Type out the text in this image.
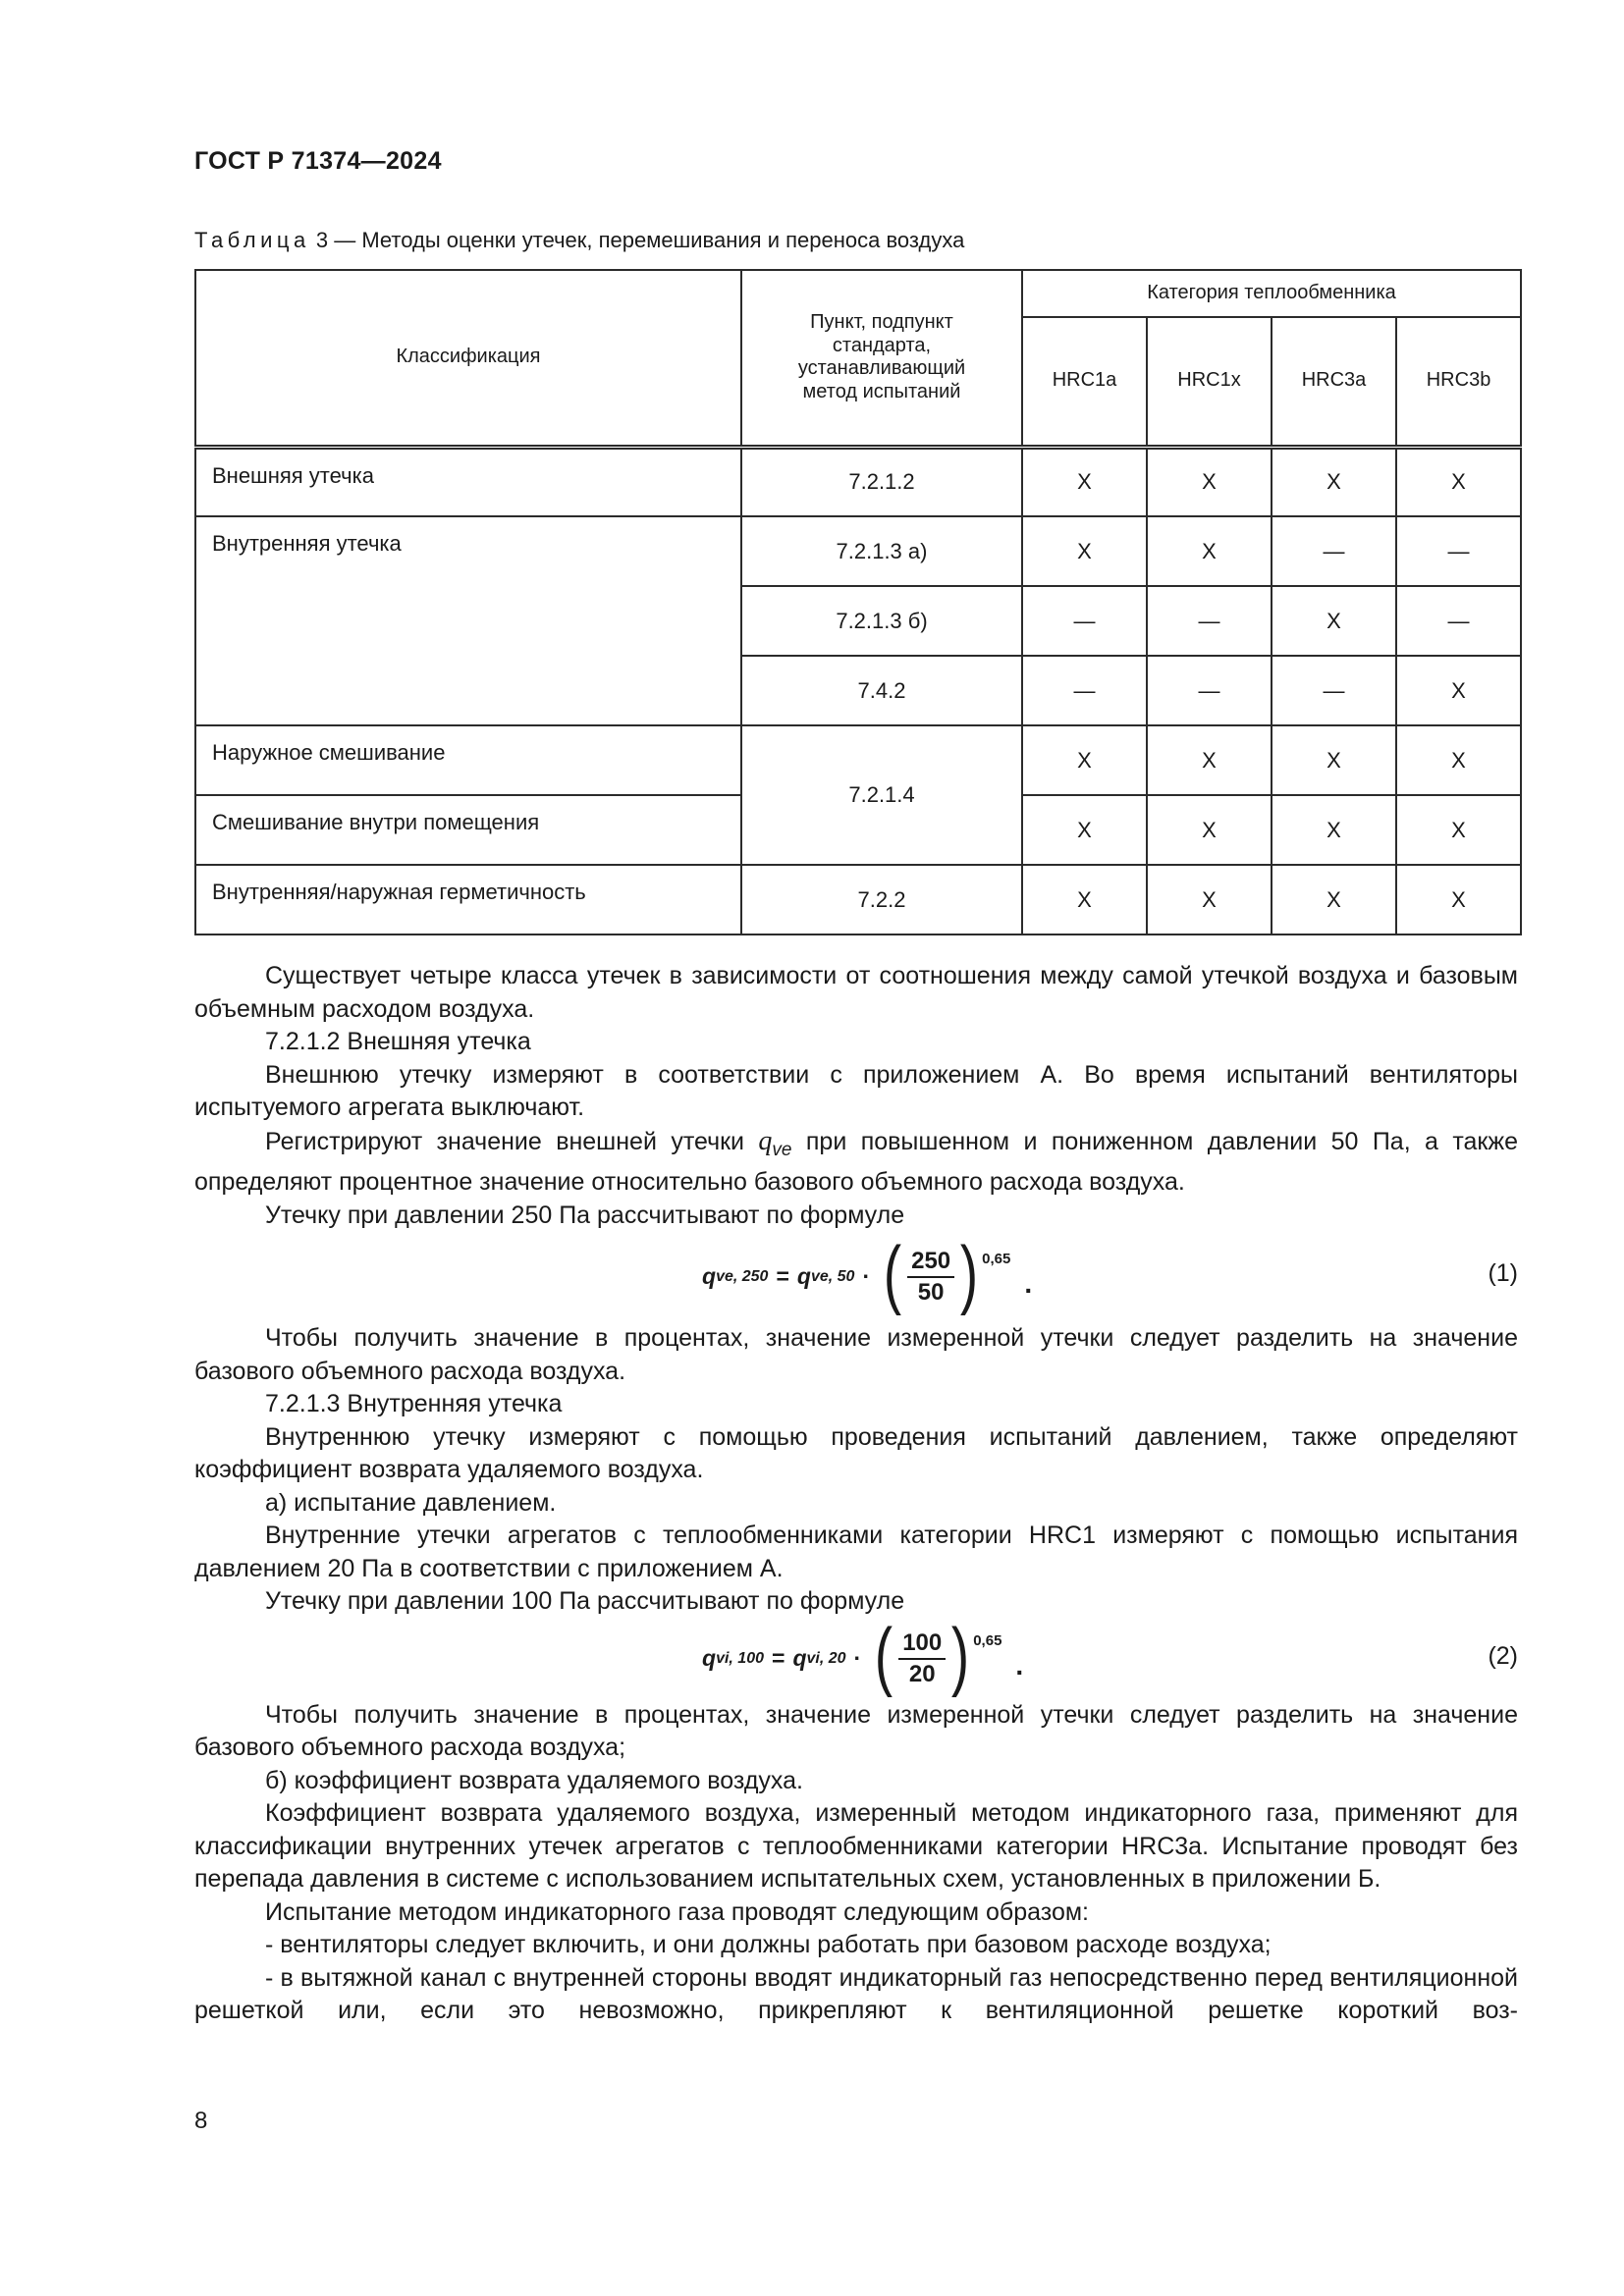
ГОСТ Р 71374—2024
Таблица 3 — Методы оценки утечек, перемешивания и переноса воздуха
Классификация	Пункт, подпункт стандарта, устанавливающий метод испытаний	Категория теплообменника			
		HRC1a	HRC1x	HRC3a	HRC3b
Внешняя утечка	7.2.1.2	X	X	X	X
Внутренняя утечка	7.2.1.3 а)	X	X	—	—
	7.2.1.3 б)	—	—	X	—
	7.4.2	—	—	—	X
Наружное смешивание	7.2.1.4	X	X	X	X
Смешивание внутри помещения		X	X	X	X
Внутренняя/наружная герметичность	7.2.2	X	X	X	X

Существует четыре класса утечек в зависимости от соотношения между самой утечкой воздуха и базовым объемным расходом воздуха.

7.2.1.2 Внешняя утечка

Внешнюю утечку измеряют в соответствии с приложением А. Во время испытаний вентиляторы испытуемого агрегата выключают.

Регистрируют значение внешней утечки $q_{ve}$ при повышенном и пониженном давлении 50 Па, а также определяют процентное значение относительно базового объемного расхода воздуха.

Утечку при давлении 250 Па рассчитывают по формуле

q ve, 250 = q ve, 50 · ( $\frac{250}{50}$ ) 0,65
.	(1)

Чтобы получить значение в процентах, значение измеренной утечки следует разделить на значение базового объемного расхода воздуха.

7.2.1.3 Внутренняя утечка

Внутреннюю утечку измеряют с помощью проведения испытаний давлением, также определяют коэффициент возврата удаляемого воздуха.

а) испытание давлением.

Внутренние утечки агрегатов с теплообменниками категории HRC1 измеряют с помощью испытания давлением 20 Па в соответствии с приложением А.

Утечку при давлении 100 Па рассчитывают по формуле

q vi, 100 = q vi, 20 · ( $\frac{100}{20}$ ) 0,65
.	(2)

Чтобы получить значение в процентах, значение измеренной утечки следует разделить на значение базового объемного расхода воздуха;

б) коэффициент возврата удаляемого воздуха.

Коэффициент возврата удаляемого воздуха, измеренный методом индикаторного газа, применяют для классификации внутренних утечек агрегатов с теплообменниками категории HRC3a. Испытание проводят без перепада давления в системе с использованием испытательных схем, установленных в приложении Б.

Испытание методом индикаторного газа проводят следующим образом:

- вентиляторы следует включить, и они должны работать при базовом расходе воздуха;

- в вытяжной канал с внутренней стороны вводят индикаторный газ непосредственно перед вентиляционной решеткой или, если это невозможно, прикрепляют к вентиляционной решетке короткий воз-

8
